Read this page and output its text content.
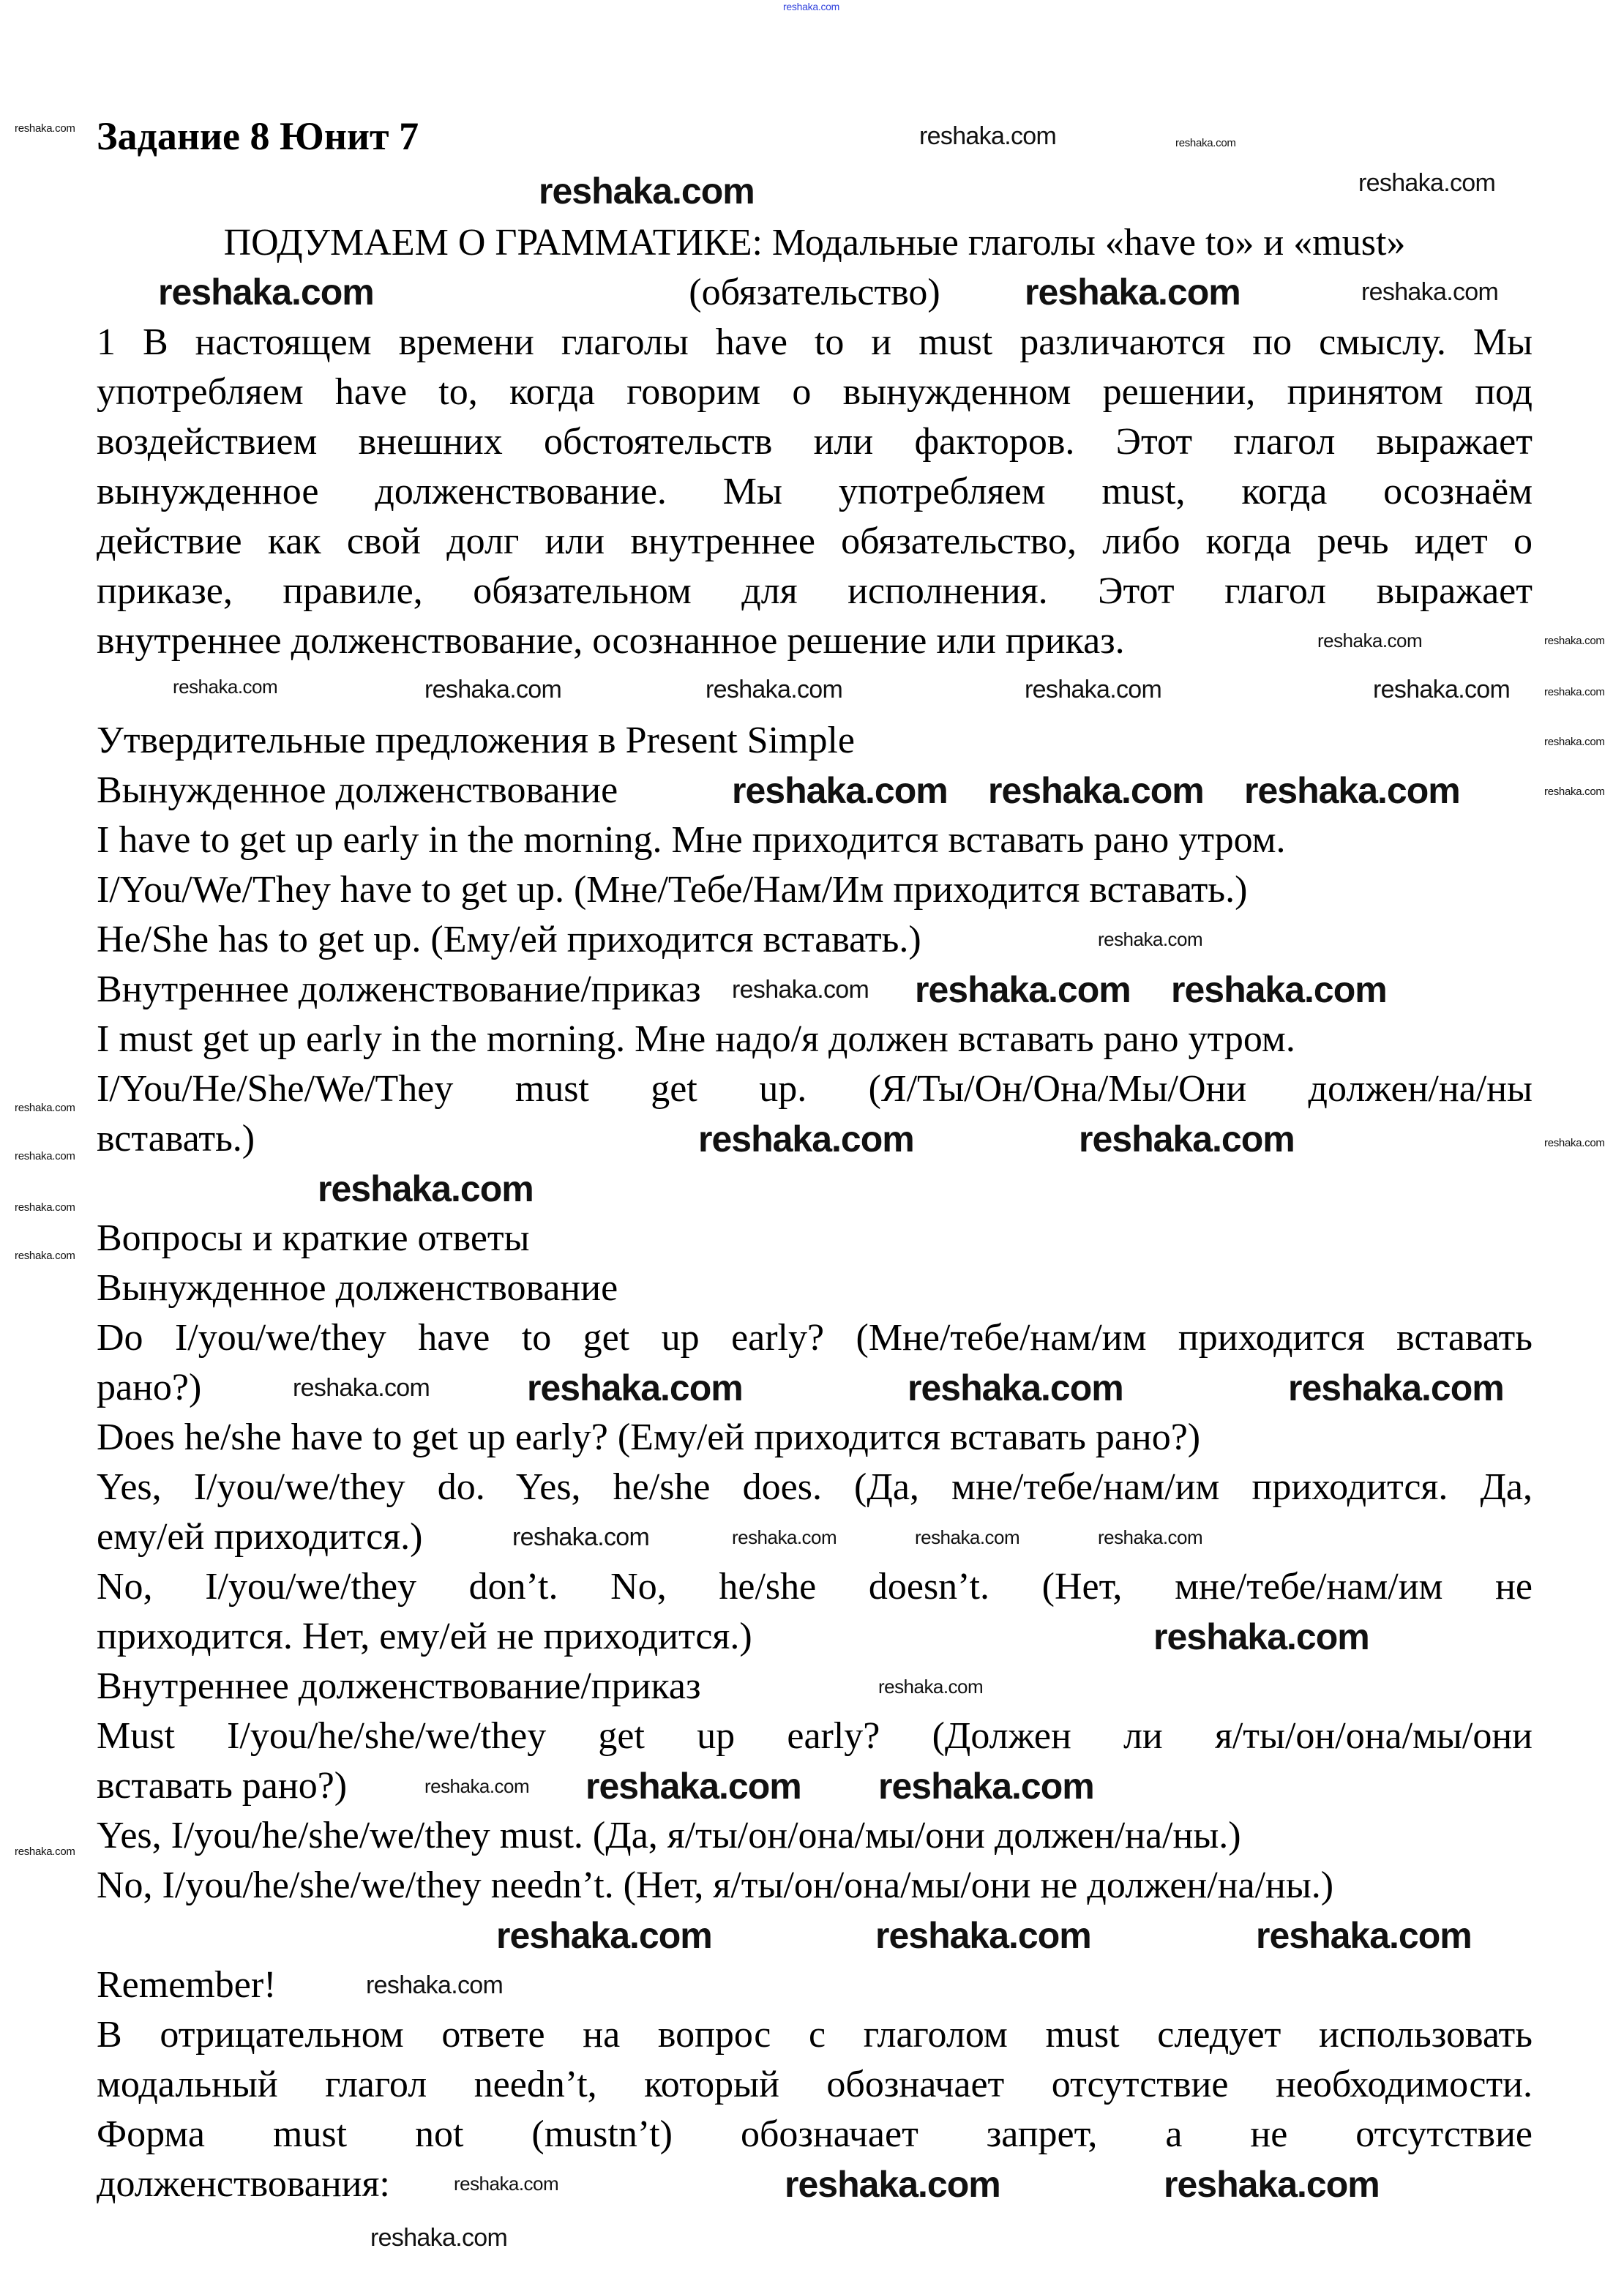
Задание 8 Юнит 7
ПОДУМАЕМ О ГРАММАТИКЕ: Модальные глаголы «have to» и «must»
(обязательство)
1 В настоящем времени глаголы have to и must различаются по смыслу. Мы
употребляем have to, когда говорим о вынужденном решении, принятом под
воздействием внешних обстоятельств или факторов. Этот глагол выражает
вынужденное долженствование. Мы употребляем must, когда осознаём
действие как свой долг или внутреннее обязательство, либо когда речь идет о
приказе, правиле, обязательном для исполнения. Этот глагол выражает
внутреннее долженствование, осознанное решение или приказ.
Утвердительные предложения в Present Simple
Вынужденное долженствование
I have to get up early in the morning. Мне приходится вставать рано утром.
I/You/We/They have to get up. (Мне/Тебе/Нам/Им приходится вставать.)
He/She has to get up. (Ему/ей приходится вставать.)
Внутреннее долженствование/приказ
I must get up early in the morning. Мне надо/я должен вставать рано утром.
I/You/He/She/We/They must get up. (Я/Ты/Он/Она/Мы/Они должен/на/ны
вставать.)
Вопросы и краткие ответы
Вынужденное долженствование
Do I/you/we/they have to get up early? (Мне/тебе/нам/им приходится вставать
рано?)
Does he/she have to get up early? (Ему/ей приходится вставать рано?)
Yes, I/you/we/they do. Yes, he/she does. (Да, мне/тебе/нам/им приходится. Да,
ему/ей приходится.)
No, I/you/we/they don’t. No, he/she doesn’t. (Нет, мне/тебе/нам/им не
приходится. Нет, ему/ей не приходится.)
Внутреннее долженствование/приказ
Must I/you/he/she/we/they get up early? (Должен ли я/ты/он/она/мы/они
вставать рано?)
Yes, I/you/he/she/we/they must. (Да, я/ты/он/она/мы/они должен/на/ны.)
No, I/you/he/she/we/they needn’t. (Нет, я/ты/он/она/мы/они не должен/на/ны.)
Remember!
В отрицательном ответе на вопрос с глаголом must следует использовать
модальный глагол needn’t, который обозначает отсутствие необходимости.
Форма must not (mustn’t) обозначает запрет, а не отсутствие
долженствования:
reshaka.com
reshaka.com	reshaka.com	reshaka.com
reshaka.com
reshaka.com
reshaka.com	reshaka.com	reshaka.com
reshaka.com
reshaka.com	reshaka.com	reshaka.com
reshaka.com	reshaka.com
reshaka.com
reshaka.com
reshaka.com
reshaka.com
reshaka.com reshaka.com reshaka.com
reshaka.com
reshaka.com
reshaka.com reshaka.com
reshaka.com
reshaka.com
reshaka.com
reshaka.com
reshaka.com	reshaka.com
reshaka.com
reshaka.com
reshaka.com	reshaka.com	reshaka.com	reshaka.com
reshaka.com	reshaka.com	reshaka.com	reshaka.com
reshaka.com
reshaka.com
reshaka.com reshaka.com reshaka.com
reshaka.com
reshaka.com
reshaka.com	reshaka.com
reshaka.com
reshaka.com
reshaka.com
reshaka.com	reshaka.com
